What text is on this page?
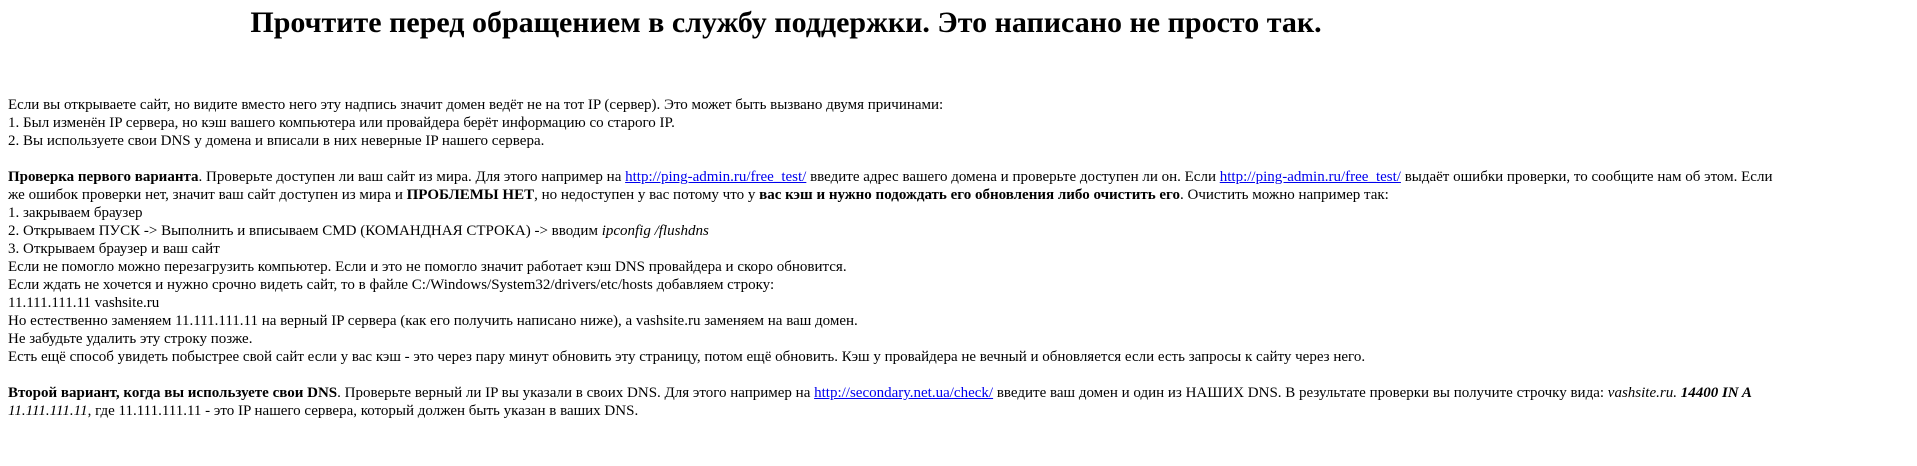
Прочтите перед обращением в службу поддержки. Это написано не просто так.
Если вы открываете сайт, но видите вместо него эту надпись значит домен ведёт не на тот IP (сервер). Это может быть вызвано двумя причинами:
1. Был изменён IP сервера, но кэш вашего компьютера или провайдера берёт информацию со старого IP.
2. Вы используете свои DNS у домена и вписали в них неверные IP нашего сервера.
Проверка первого варианта. Проверьте доступен ли ваш сайт из мира. Для этого например на http://ping-admin.ru/free_test/ введите адрес вашего домена и проверьте доступен ли он. Если http://ping-admin.ru/free_test/ выдаёт ошибки проверки, то сообщите нам об этом. Если
же ошибок проверки нет, значит ваш сайт доступен из мира и ПРОБЛЕМЫ НЕТ, но недоступен у вас потому что у вас кэш и нужно подождать его обновления либо очистить его. Очистить можно например так:
1. закрываем браузер
2. Открываем ПУСК -> Выполнить и вписываем CMD (КОМАНДНАЯ СТРОКА) -> вводим ipconfig /flushdns
3. Открываем браузер и ваш сайт
Если не помогло можно перезагрузить компьютер. Если и это не помогло значит работает кэш DNS провайдера и скоро обновится.
Если ждать не хочется и нужно срочно видеть сайт, то в файле C:/Windows/System32/drivers/etc/hosts добавляем строку:
11.111.111.11 vashsite.ru
Но естественно заменяем 11.111.111.11 на верный IP сервера (как его получить написано ниже), а vashsite.ru заменяем на ваш домен.
Не забудьте удалить эту строку позже.
Есть ещё способ увидеть побыстрее свой сайт если у вас кэш - это через пару минут обновить эту страницу, потом ещё обновить. Кэш у провайдера не вечный и обновляется если есть запросы к сайту через него.
Второй вариант, когда вы используете свои DNS. Проверьте верный ли IP вы указали в своих DNS. Для этого например на http://secondary.net.ua/check/ введите ваш домен и один из НАШИХ DNS. В результате проверки вы получите строчку вида: vashsite.ru. 14400 IN A
11.111.111.11, где 11.111.111.11 - это IP нашего сервера, который должен быть указан в ваших DNS.
